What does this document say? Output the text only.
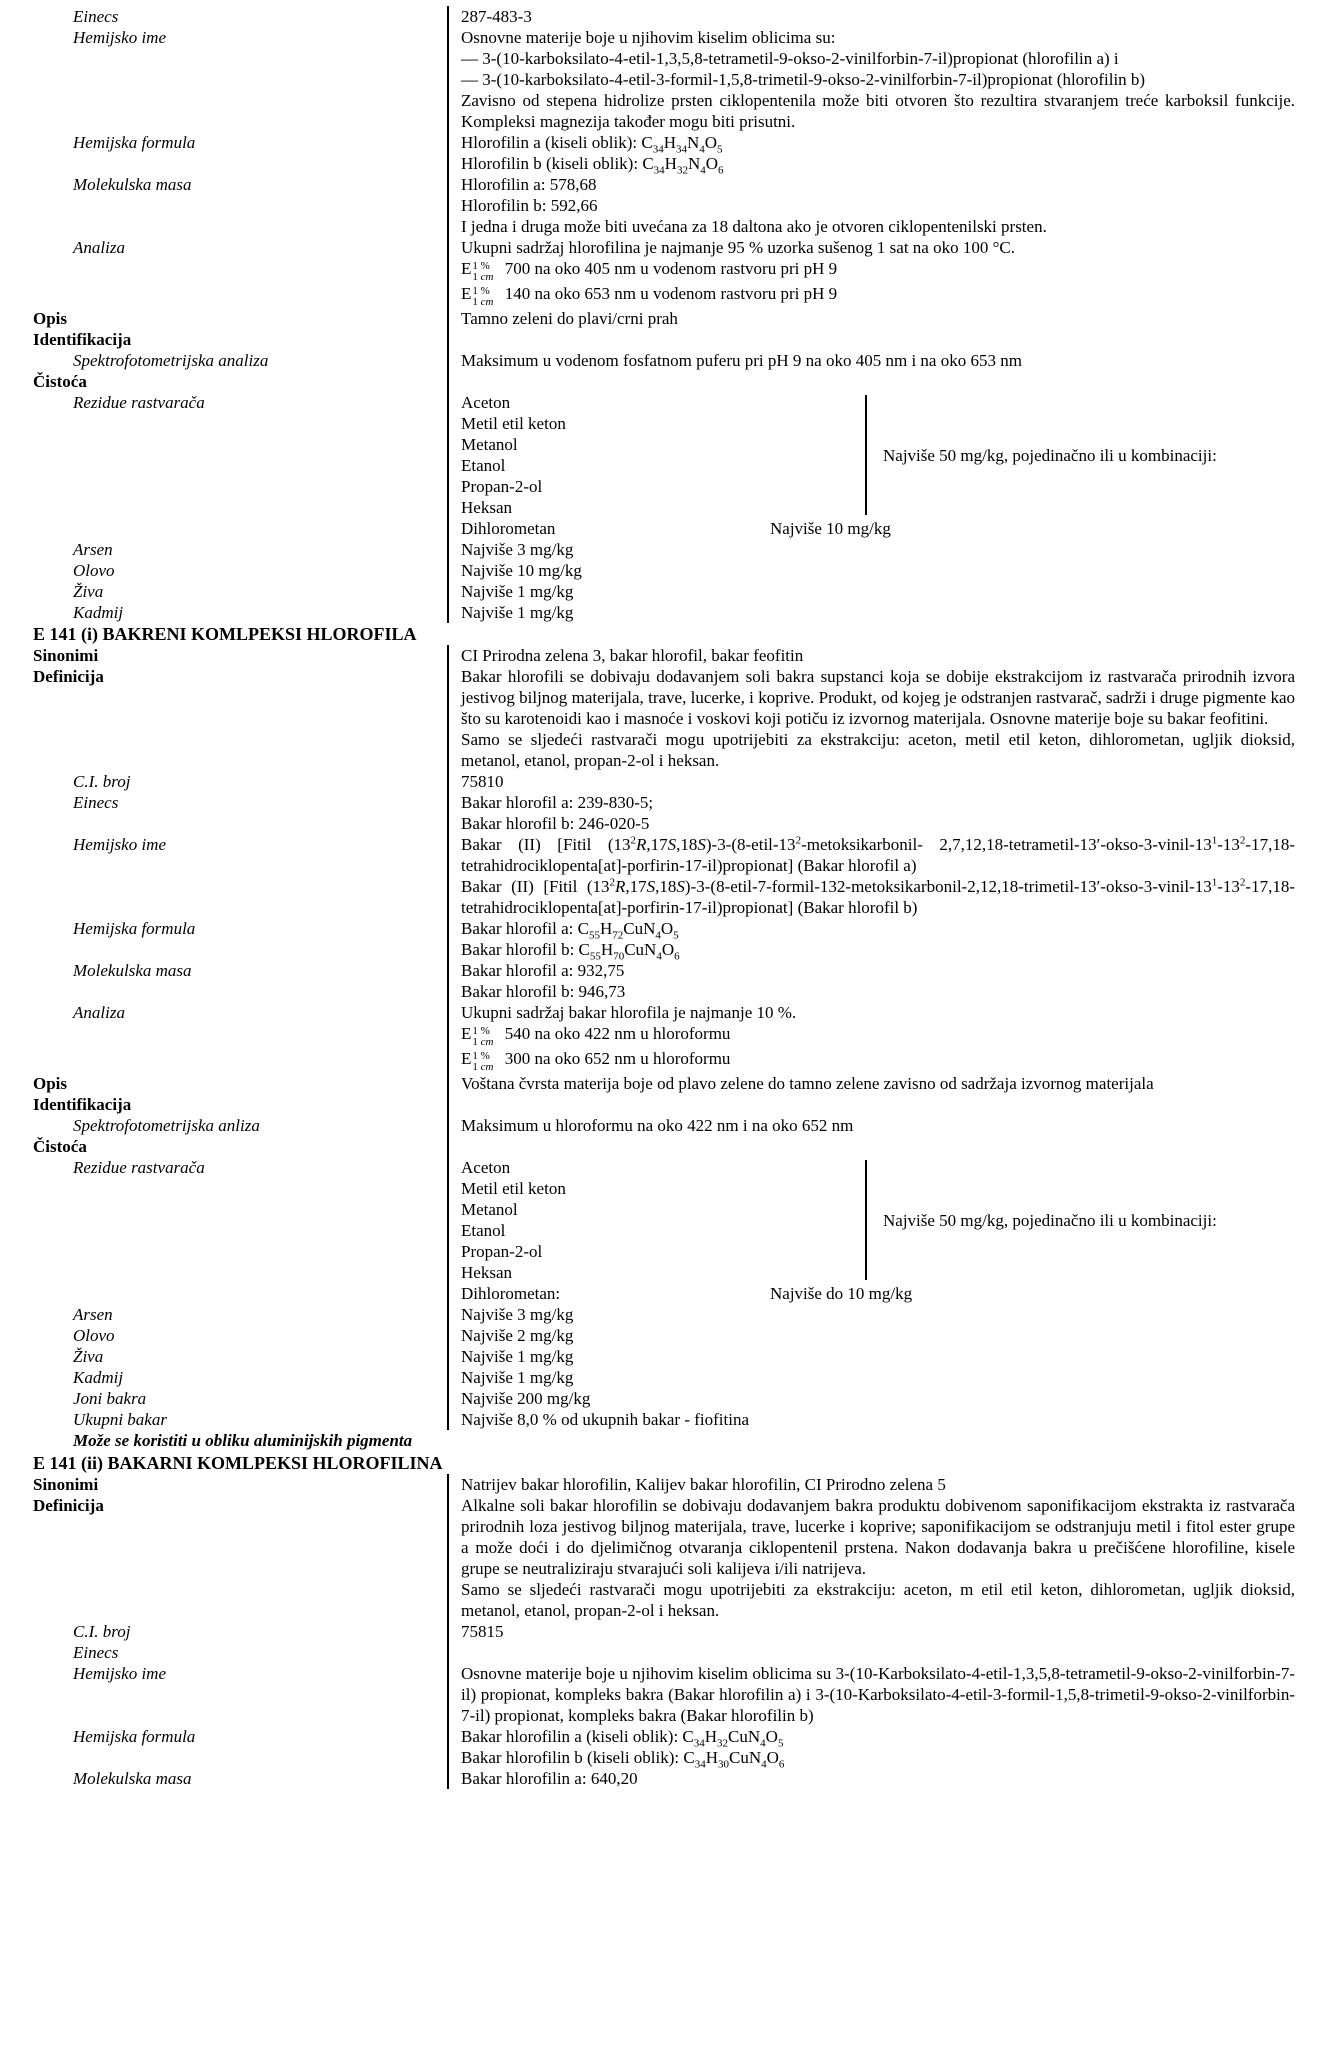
Einecs	287-483-3
Hemijsko ime	Osnovne materije boje u njihovim kiselim oblicima su:
— 3-(10-karboksilato-4-etil-1,3,5,8-tetrametil-9-okso-2-vinilforbin-7-il)propionat (hlorofilin a) i
— 3-(10-karboksilato-4-etil-3-formil-1,5,8-trimetil-9-okso-2-vinilforbin-7-il)propionat (hlorofilin b)
Zavisno od stepena hidrolize prsten ciklopentenila može biti otvoren što rezultira stvaranjem treće karboksil funkcije. Kompleksi magnezija također mogu biti prisutni.
Hemijska formula	Hlorofilin a (kiseli oblik): $C_{34}H_{34}N_4O_5$
Hlorofilin b (kiseli oblik): $C_{34}H_{32}N_4O_6$
Molekulska masa	Hlorofilin a: 578,68
Hlorofilin b: 592,66
I jedna i druga može biti uvećana za 18 daltona ako je otvoren ciklopentenilski prsten.
Analiza	Ukupni sadržaj hlorofilina je najmanje 95 % uzorka sušenog 1 sat na oko 100 °C.
E 1 %
1 cm 700 na oko 405 nm u vodenom rastvoru pri pH 9
E 1 %
1 cm 140 na oko 653 nm u vodenom rastvoru pri pH 9
Opis	Tamno zeleni do plavi/crni prah
Identifikacija
Spektrofotometrijska analiza	Maksimum u vodenom fosfatnom puferu pri pH 9 na oko 405 nm i na oko 653 nm
Čistoća
Rezidue rastvarača	Aceton
Metil etil keton
Metanol
Etanol
Propan-2-ol
Heksan
Najviše 50 mg/kg, pojedinačno ili u kombinaciji:
Dihlorometan	Najviše 10 mg/kg
Arsen	Najviše 3 mg/kg
Olovo	Najviše 10 mg/kg
Živa	Najviše 1 mg/kg
Kadmij	Najviše 1 mg/kg
E 141 (i) BAKRENI KOMLPEKSI HLOROFILA
Sinonimi	CI Prirodna zelena 3, bakar hlorofil, bakar feofitin
Definicija	Bakar hlorofili se dobivaju dodavanjem soli bakra supstanci koja se dobije ekstrakcijom iz rastvarača prirodnih izvora jestivog biljnog materijala, trave, lucerke, i koprive. Produkt, od kojeg je odstranjen rastvarač, sadrži i druge pigmente kao što su karotenoidi kao i masnoće i voskovi koji potiču iz izvornog materijala. Osnovne materije boje su bakar feofitini.
Samo se sljedeći rastvarači mogu upotrijebiti za ekstrakciju: aceton, metil etil keton, dihlorometan, ugljik dioksid, metanol, etanol, propan-2-ol i heksan.
C.I. broj	75810
Einecs	Bakar hlorofil a: 239-830-5;
Bakar hlorofil b: 246-020-5
Hemijsko ime	Bakar (II) [Fitil $(13^2R,17S,18S)-3-(8-etil-13^2-metoksikarbonil-$ $2,7,12,18-tetrametil-13'-okso-3-vinil-13^1-13^2-17,18-tetrahidrociklopenta[at]-porfirin-17-il)propionat$] (Bakar hlorofil a)
Bakar (II) [Fitil $(13^2R,17S,18S)-3-(8-etil-7-formil-132-metoksikarbonil-2,12,18-trimetil-13'-okso-3-vinil-13^1-13^2-17,18$-tetrahidrociklopenta[at]-porfirin-17-il)propionat] (Bakar hlorofil b)
Hemijska formula	Bakar hlorofil a: $C_{55}H_{72}CuN_4O_5$
Bakar hlorofil b: $C_{55}H_{70}CuN_4O_6$
Molekulska masa	Bakar hlorofil a: 932,75
Bakar hlorofil b: 946,73
Analiza	Ukupni sadržaj bakar hlorofila je najmanje 10 %.
E 1 %
1 cm 540 na oko 422 nm u hloroformu
E 1 %
1 cm 300 na oko 652 nm u hloroformu
Opis	Voštana čvrsta materija boje od plavo zelene do tamno zelene zavisno od sadržaja izvornog materijala
Identifikacija
Spektrofotometrijska anliza	Maksimum u hloroformu na oko 422 nm i na oko 652 nm
Čistoća
Rezidue rastvarača	Aceton
Metil etil keton
Metanol
Etanol
Propan-2-ol
Heksan
Najviše 50 mg/kg, pojedinačno ili u kombinaciji:
Dihlorometan:	Najviše do 10 mg/kg
Arsen	Najviše 3 mg/kg
Olovo	Najviše 2 mg/kg
Živa	Najviše 1 mg/kg
Kadmij	Najviše 1 mg/kg
Joni bakra	Najviše 200 mg/kg
Ukupni bakar	Najviše 8,0 % od ukupnih bakar - fiofitina
Može se koristiti u obliku aluminijskih pigmenta
E 141 (ii) BAKARNI KOMLPEKSI HLOROFILINA
Sinonimi	Natrijev bakar hlorofilin, Kalijev bakar hlorofilin, CI Prirodno zelena 5
Definicija	Alkalne soli bakar hlorofilin se dobivaju dodavanjem bakra produktu dobivenom saponifikacijom ekstrakta iz rastvarača prirodnih loza jestivog biljnog materijala, trave, lucerke i koprive; saponifikacijom se odstranjuju metil i fitol ester grupe a može doći i do djelimičnog otvaranja ciklopentenil prstena. Nakon dodavanja bakra u prečišćene hlorofiline, kisele grupe se neutraliziraju stvarajući soli kalijeva i/ili natrijeva.
Samo se sljedeći rastvarači mogu upotrijebiti za ekstrakciju: aceton, m etil etil keton, dihlorometan, ugljik dioksid, metanol, etanol, propan-2-ol i heksan.
C.I. broj	75815
Einecs
Hemijsko ime	Osnovne materije boje u njihovim kiselim oblicima su 3-(10-Karboksilato-4-etil-1,3,5,8-tetrametil-9-okso-2-vinilforbin-7-il) propionat, kompleks bakra (Bakar hlorofilin a) i 3-(10-Karboksilato-4-etil-3-formil-1,5,8-trimetil-9-okso-2-vinilforbin-7-il) propionat, kompleks bakra (Bakar hlorofilin b)
Hemijska formula	Bakar hlorofilin a (kiseli oblik): $C_{34}H_{32}CuN_4O_5$
Bakar hlorofilin b (kiseli oblik): $C_{34}H_{30}CuN_4O_6$
Molekulska masa	Bakar hlorofilin a: 640,20
